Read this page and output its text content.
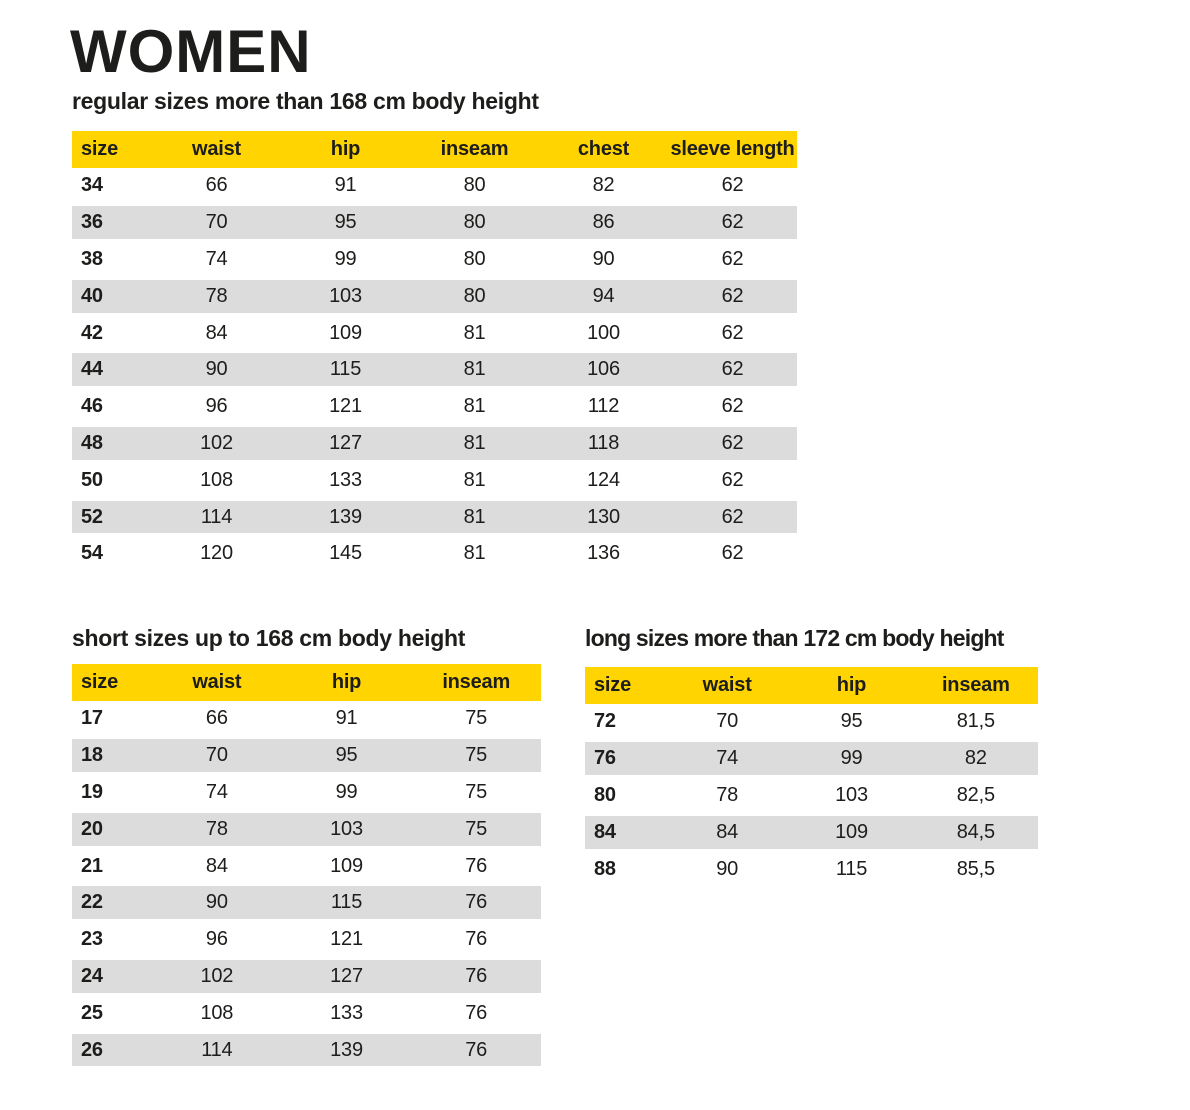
WOMEN
regular sizes more than 168 cm body height
size	waist	hip	inseam	chest	sleeve length
34	66	91	80	82	62
36	70	95	80	86	62
38	74	99	80	90	62
40	78	103	80	94	62
42	84	109	81	100	62
44	90	115	81	106	62
46	96	121	81	112	62
48	102	127	81	118	62
50	108	133	81	124	62
52	114	139	81	130	62
54	120	145	81	136	62
short sizes up to 168 cm body height
size	waist	hip	inseam
17	66	91	75
18	70	95	75
19	74	99	75
20	78	103	75
21	84	109	76
22	90	115	76
23	96	121	76
24	102	127	76
25	108	133	76
26	114	139	76
long sizes more than 172 cm body height
size	waist	hip	inseam
72	70	95	81,5
76	74	99	82
80	78	103	82,5
84	84	109	84,5
88	90	115	85,5
